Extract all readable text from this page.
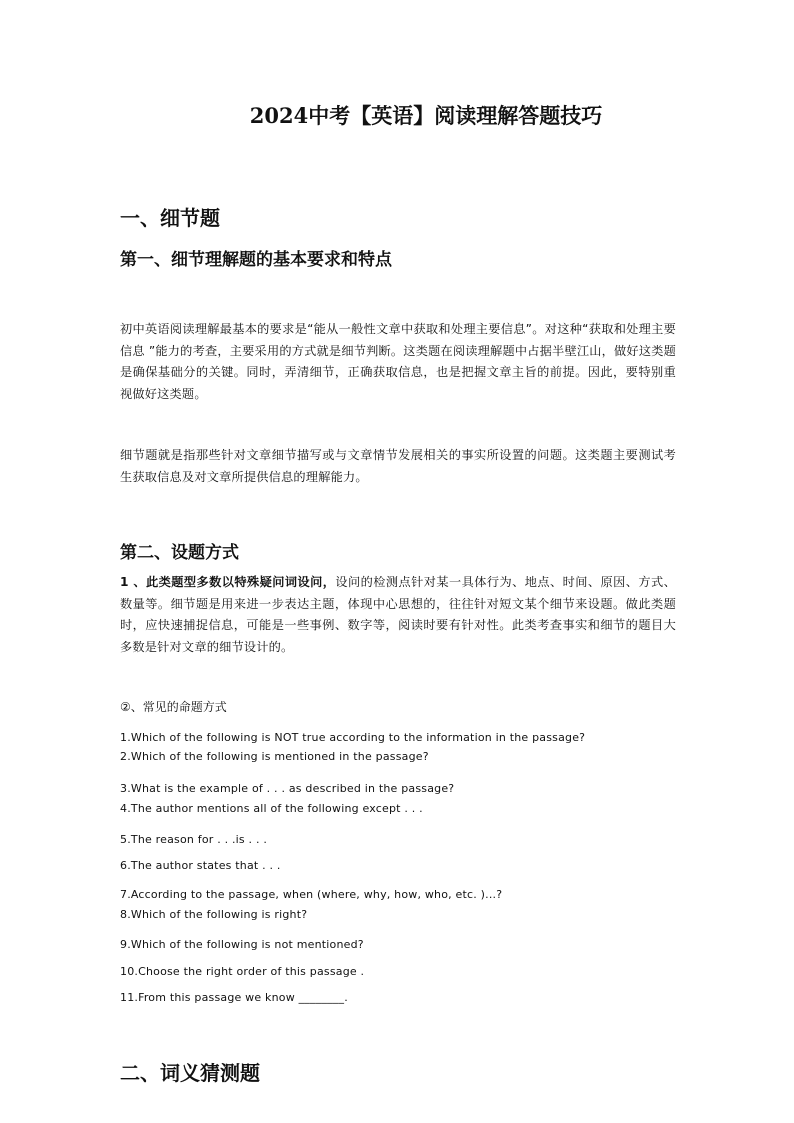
2024中考【英语】阅读理解答题技巧
一、细节题
第一、细节理解题的基本要求和特点

初中英语阅读理解最基本的要求是“能从一般性文章中获取和处理主要信息”。对这种“获取和处理主要信息 ”能力的考查，主要采用的方式就是细节判断。这类题在阅读理解题中占据半壁江山，做好这类题是确保基础分的关键。同时，弄清细节，正确获取信息，也是把握文章主旨的前提。因此，要特别重视做好这类题。

细节题就是指那些针对文章细节描写或与文章情节发展相关的事实所设置的问题。这类题主要测试考生获取信息及对文章所提供信息的理解能力。

第二、设题方式

1 、此类题型多数以特殊疑问词设问，设问的检测点针对某一具体行为、地点、时间、原因、方式、数量等。细节题是用来进一步表达主题，体现中心思想的，往往针对短文某个细节来设题。做此类题时，应快速捕捉信息，可能是一些事例、数字等，阅读时要有针对性。此类考查事实和细节的题目大多数是针对文章的细节设计的。

②、常见的命题方式
1.Which of the following is NOT true according to the information in the passage?
2.Which of the following is mentioned in the passage?
3.What is the example of . . . as described in the passage?
4.The author mentions all of the following except . . .
5.The reason for . . .is . . .
6.The author states that . . .
7.According to the passage, when (where, why, how, who, etc. )...?
8.Which of the following is right?
9.Which of the following is not mentioned?
10.Choose the right order of this passage .
11.From this passage we know ________.
二、词义猜测题
